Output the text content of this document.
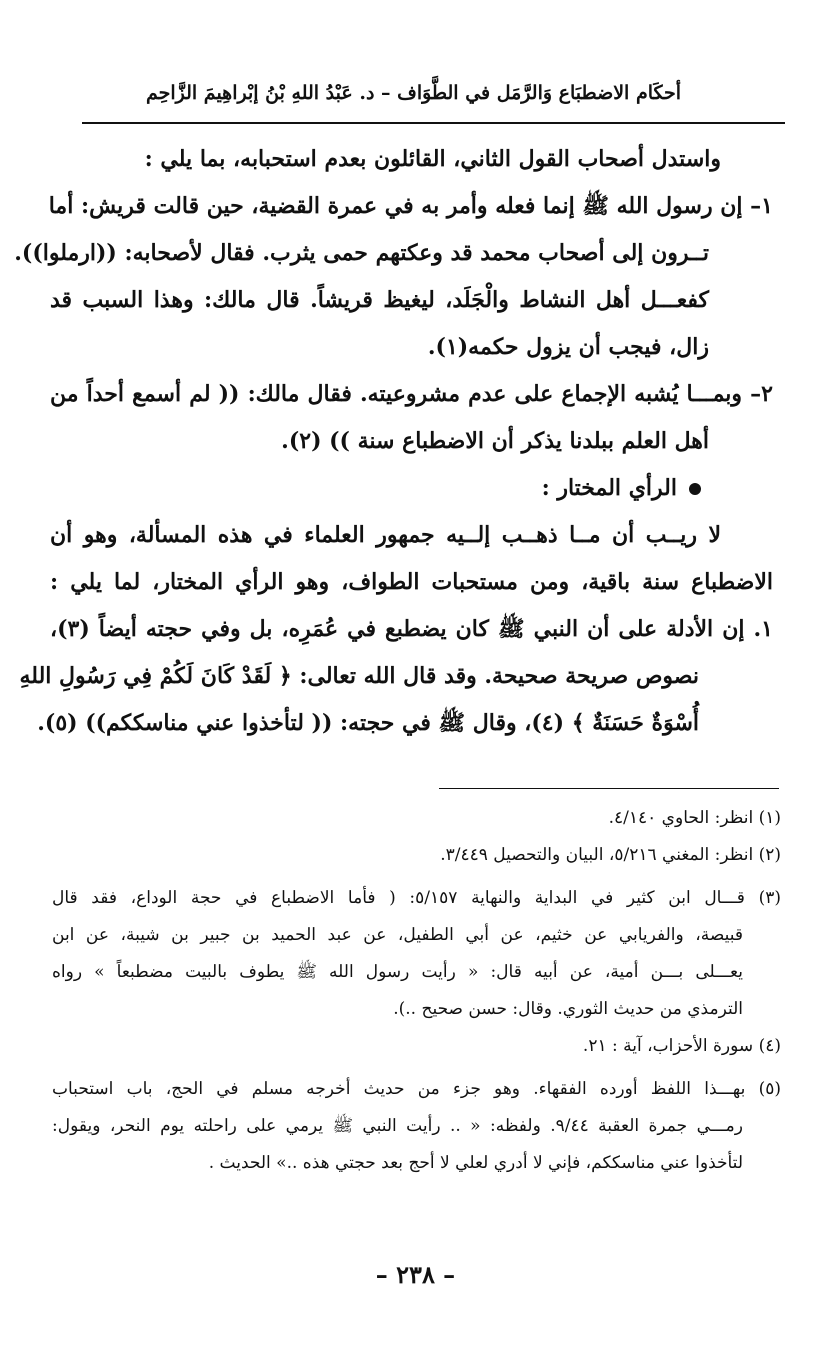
أحكَام الاضطبَاع وَالرَّمَل في الطَّوَاف – د. عَبْدُ اللهِ بْنُ إبْراهِيمَ الزَّاحِم
واستدل أصحاب القول الثاني، القائلون بعدم استحبابه، بما يلي :
١– إن رسول الله ﷺ إنما فعله وأمر به في عمرة القضية، حين قالت قريش: أما
تــرون إلى أصحاب محمد قد وعكتهم حمى يثرب. فقال لأصحابه: ((ارملوا)).
كفعـــل أهل النشاط والْجَلَد، ليغيظ قريشاً. قال مالك: وهذا السبب قد
زال، فيجب أن يزول حكمه(١).
٢– وبمـــا يُشبه الإجماع على عدم مشروعيته. فقال مالك: (( لم أسمع أحداً من
أهل العلم ببلدنا يذكر أن الاضطباع سنة )) (٢).
الرأي المختار :
لا ريــب أن مــا ذهــب إلــيه جمهور العلماء في هذه المسألة، وهو أن
الاضطباع سنة باقية، ومن مستحبات الطواف، وهو الرأي المختار، لما يلي :
١. إن الأدلة على أن النبي ﷺ كان يضطبع في عُمَرِه، بل وفي حجته أيضاً (٣)،
نصوص صريحة صحيحة. وقد قال الله تعالى: ﴿ لَقَدْ كَانَ لَكُمْ فِي رَسُولِ اللهِ
أُسْوَةٌ حَسَنَةٌ ﴾ (٤)، وقال ﷺ في حجته: (( لتأخذوا عني مناسككم)) (٥).
(١) انظر: الحاوي ٤/١٤٠.
(٢) انظر: المغني ٥/٢١٦، البيان والتحصيل ٣/٤٤٩.
(٣) قـــال ابن كثير في البداية والنهاية ٥/١٥٧: ( فأما الاضطباع في حجة الوداع، فقد قال
قبيصة، والفريابي عن خثيم، عن أبي الطفيل، عن عبد الحميد بن جبير بن شيبة، عن ابن
يعـــلى بـــن أمية، عن أبيه قال: « رأيت رسول الله ﷺ يطوف بالبيت مضطبعاً » رواه
الترمذي من حديث الثوري. وقال: حسن صحيح ..).
(٤) سورة الأحزاب، آية : ٢١.
(٥) بهـــذا اللفظ أورده الفقهاء. وهو جزء من حديث أخرجه مسلم في الحج، باب استحباب
رمـــي جمرة العقبة ٩/٤٤. ولفظه: « .. رأيت النبي ﷺ يرمي على راحلته يوم النحر، ويقول:
لتأخذوا عني مناسككم، فإني لا أدري لعلي لا أحج بعد حجتي هذه ..» الحديث .
– ٢٣٨ –
